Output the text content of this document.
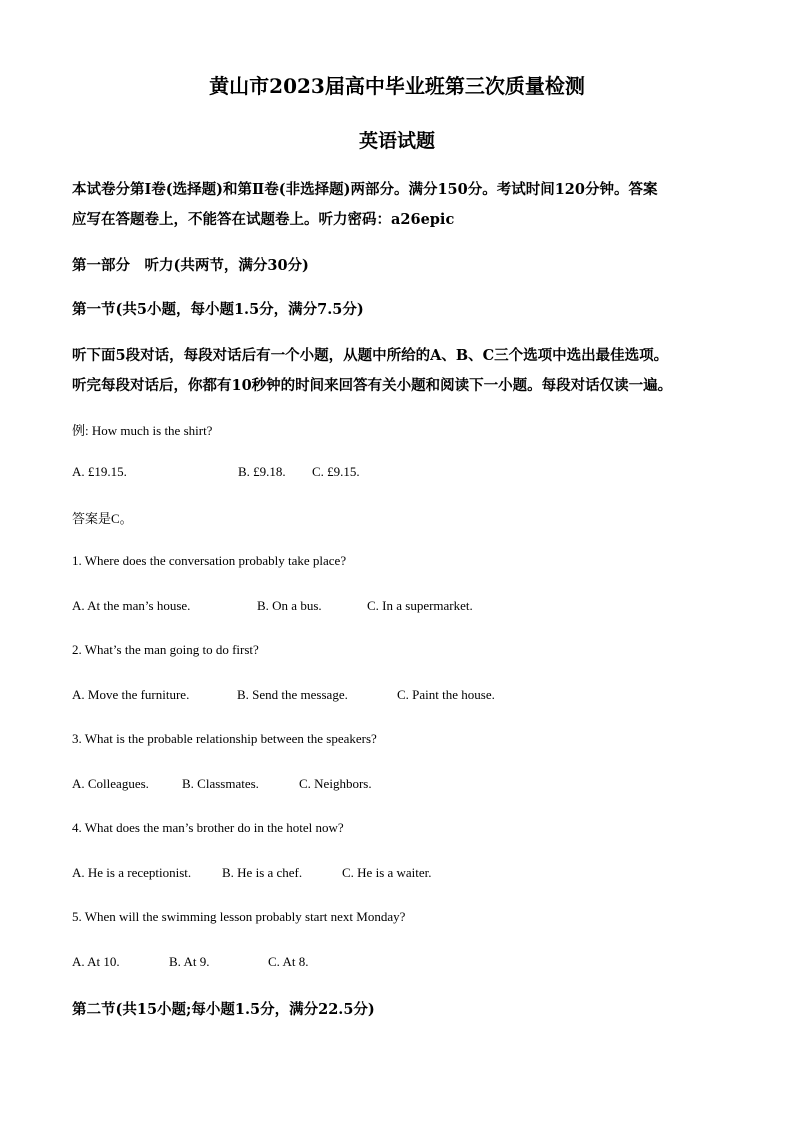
黄山市2023届高中毕业班第三次质量检测
英语试题

本试卷分第Ⅰ卷(选择题)和第Ⅱ卷(非选择题)两部分。满分150分。考试时间120分钟。答案

应写在答题卷上，不能答在试题卷上。听力密码：a26epic

第一部分　听力(共两节，满分30分)

第一节(共5小题，每小题1.5分，满分7.5分)

听下面5段对话，每段对话后有一个小题，从题中所给的A、B、C三个选项中选出最佳选项。

听完每段对话后，你都有10秒钟的时间来回答有关小题和阅读下一小题。每段对话仅读一遍。

例: How much is the shirt?

A. £19.15.	B. £9.18. C. £9.15.

答案是C。

1. Where does the conversation probably take place?

A. At the man’s house.	B. On a bus.	C. In a supermarket.

2. What’s the man going to do first?

A. Move the furniture.	B. Send the message.	C. Paint the house.

3. What is the probable relationship between the speakers?

A. Colleagues.	B. Classmates.	C. Neighbors.

4. What does the man’s brother do in the hotel now?

A. He is a receptionist. B. He is a chef.	C. He is a waiter.

5. When will the swimming lesson probably start next Monday?

A. At 10.	B. At 9.	C. At 8.

第二节(共15小题;每小题1.5分，满分22.5分)
